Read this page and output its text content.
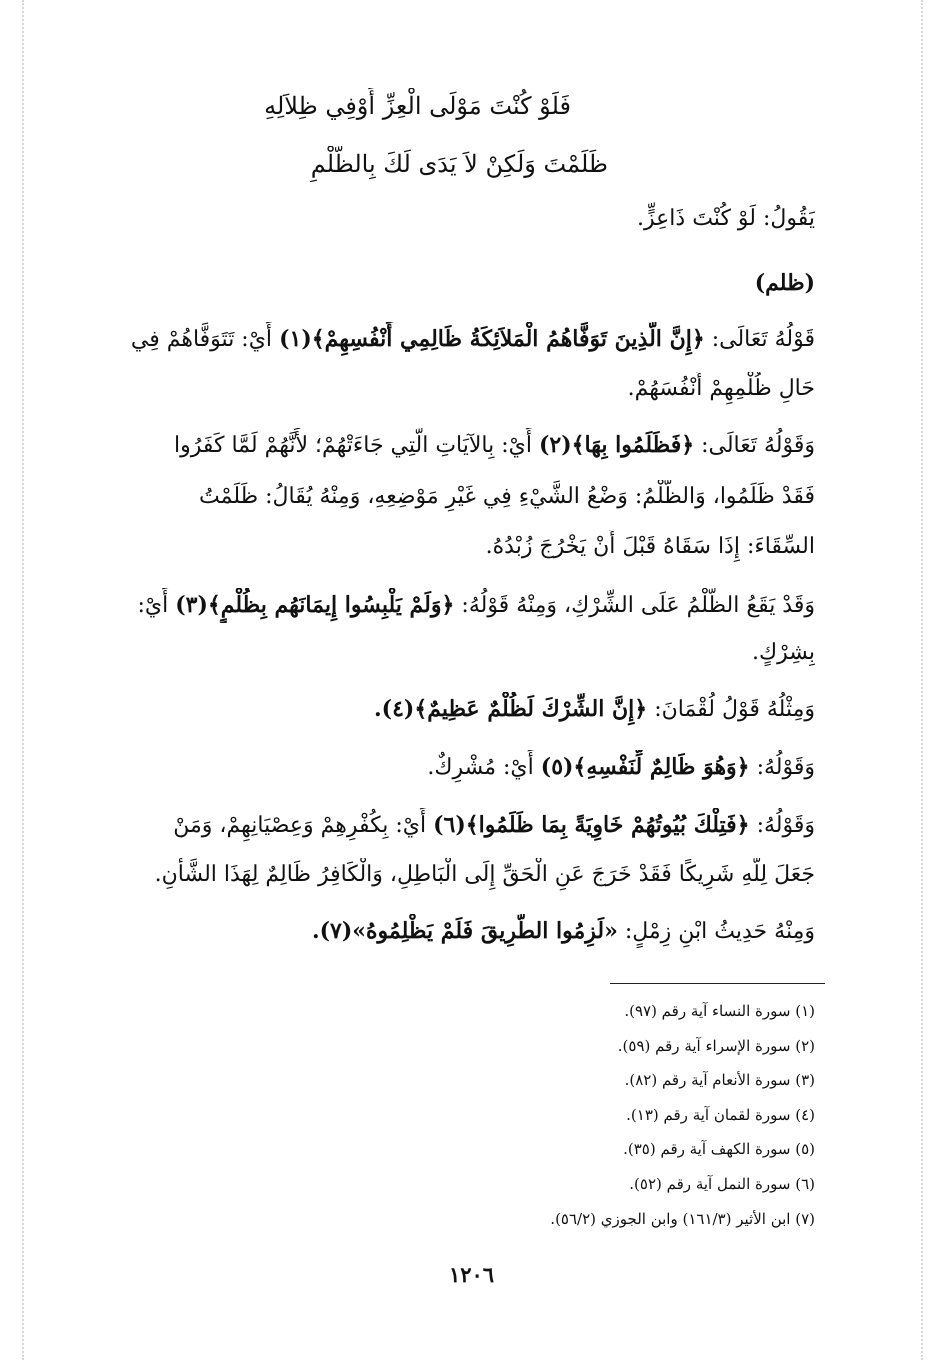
فَلَوْ كُنْتَ مَوْلَى الْعِزِّ أَوْفِي ظِلاَلِهِ
ظَلَمْتَ وَلَكِنْ لاَ يَدَى لَكَ بِالظُّلْمِ
يَقُولُ: لَوْ كُنْتَ ذَاعِزٍّ.
(ظلم)
قَوْلُهُ تَعَالَى: ﴿إِنَّ الَّذِينَ تَوَفَّاهُمُ الْمَلاَئِكَةُ ظَالِمِي أَنْفُسِهِمْ﴾(١) أَيْ: تَتَوَفَّاهُمْ فِي
حَالِ ظُلْمِهِمْ أَنْفُسَهُمْ.
وَقَوْلُهُ تَعَالَى: ﴿فَظَلَمُوا بِهَا﴾(٢) أَيْ: بِالآيَاتِ الَّتِي جَاءَتْهُمْ؛ لأَنَّهُمْ لَمَّا كَفَرُوا
فَقَدْ ظَلَمُوا، وَالظُّلْمُ: وَضْعُ الشَّيْءِ فِي غَيْرِ مَوْضِعِهِ، وَمِنْهُ يُقَالُ: ظَلَمْتُ
السِّقَاءَ: إِذَا سَقَاهُ قَبْلَ أَنْ يَخْرُجَ زُبْدُهُ.
وَقَدْ يَقَعُ الظُّلْمُ عَلَى الشِّرْكِ، وَمِنْهُ قَوْلُهُ: ﴿وَلَمْ يَلْبِسُوا إِيمَانَهُم بِظُلْمٍ﴾(٣) أَيْ:
بِشِرْكٍ.
وَمِثْلُهُ قَوْلُ لُقْمَانَ: ﴿إِنَّ الشِّرْكَ لَظُلْمٌ عَظِيمٌ﴾(٤).
وَقَوْلُهُ: ﴿وَهُوَ ظَالِمٌ لِّنَفْسِهِ﴾(٥) أَيْ: مُشْرِكٌ.
وَقَوْلُهُ: ﴿فَتِلْكَ بُيُوتُهُمْ خَاوِيَةً بِمَا ظَلَمُوا﴾(٦) أَيْ: بِكُفْرِهِمْ وَعِصْيَانِهِمْ، وَمَنْ
جَعَلَ لِلَّهِ شَرِيكًا فَقَدْ خَرَجَ عَنِ الْحَقِّ إِلَى الْبَاطِلِ، وَالْكَافِرُ ظَالِمٌ لِهَذَا الشَّأْنِ.
وَمِنْهُ حَدِيثُ ابْنِ زِمْلٍ: «لَزِمُوا الطَّرِيقَ فَلَمْ يَظْلِمُوهُ»(٧).
(١) سورة النساء آية رقم (٩٧).
(٢) سورة الإسراء آية رقم (٥٩).
(٣) سورة الأنعام آية رقم (٨٢).
(٤) سورة لقمان آية رقم (١٣).
(٥) سورة الكهف آية رقم (٣٥).
(٦) سورة النمل آية رقم (٥٢).
(٧) ابن الأثير (١٦١/٣) وابن الجوزي (٥٦/٢).
١٢٠٦
